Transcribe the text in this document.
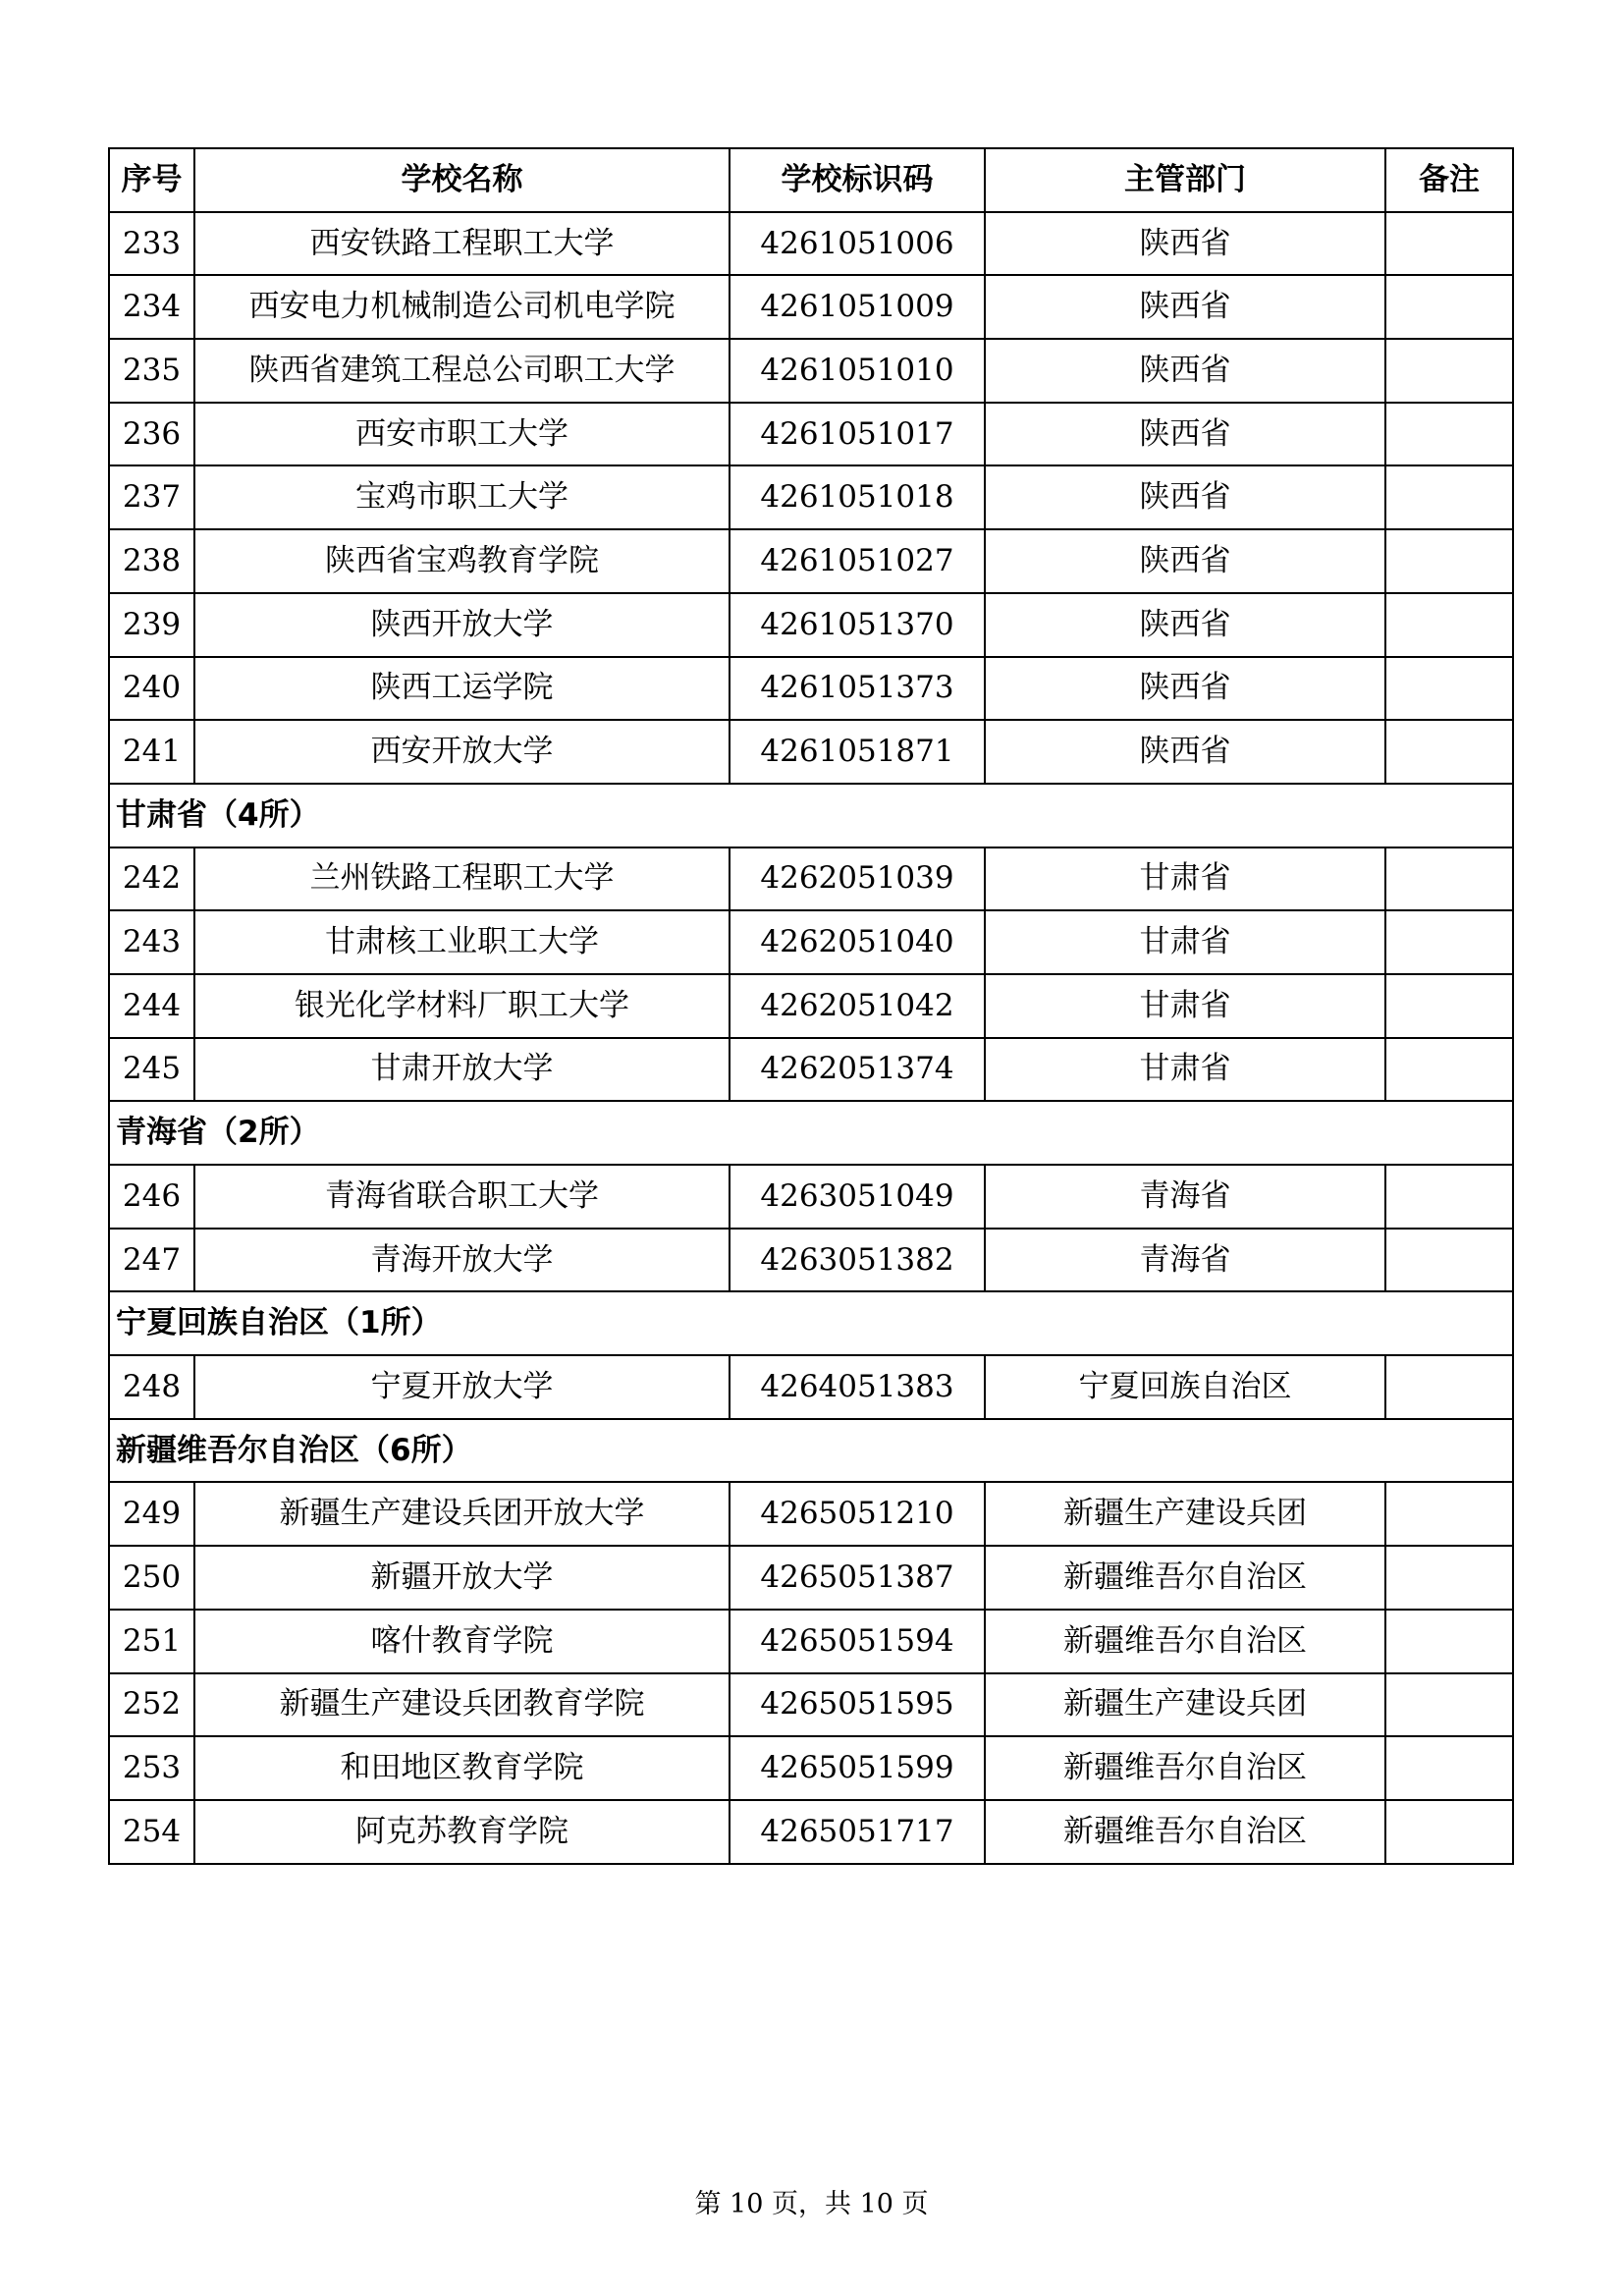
序号	学校名称	学校标识码	主管部门	备注
233	西安铁路工程职工大学	4261051006	陕西省	
234	西安电力机械制造公司机电学院	4261051009	陕西省	
235	陕西省建筑工程总公司职工大学	4261051010	陕西省	
236	西安市职工大学	4261051017	陕西省	
237	宝鸡市职工大学	4261051018	陕西省	
238	陕西省宝鸡教育学院	4261051027	陕西省	
239	陕西开放大学	4261051370	陕西省	
240	陕西工运学院	4261051373	陕西省	
241	西安开放大学	4261051871	陕西省	
甘肃省（4所）				
242	兰州铁路工程职工大学	4262051039	甘肃省	
243	甘肃核工业职工大学	4262051040	甘肃省	
244	银光化学材料厂职工大学	4262051042	甘肃省	
245	甘肃开放大学	4262051374	甘肃省	
青海省（2所）				
246	青海省联合职工大学	4263051049	青海省	
247	青海开放大学	4263051382	青海省	
宁夏回族自治区（1所）				
248	宁夏开放大学	4264051383	宁夏回族自治区	
新疆维吾尔自治区（6所）				
249	新疆生产建设兵团开放大学	4265051210	新疆生产建设兵团	
250	新疆开放大学	4265051387	新疆维吾尔自治区	
251	喀什教育学院	4265051594	新疆维吾尔自治区	
252	新疆生产建设兵团教育学院	4265051595	新疆生产建设兵团	
253	和田地区教育学院	4265051599	新疆维吾尔自治区	
254	阿克苏教育学院	4265051717	新疆维吾尔自治区	
第 10 页，共 10 页
